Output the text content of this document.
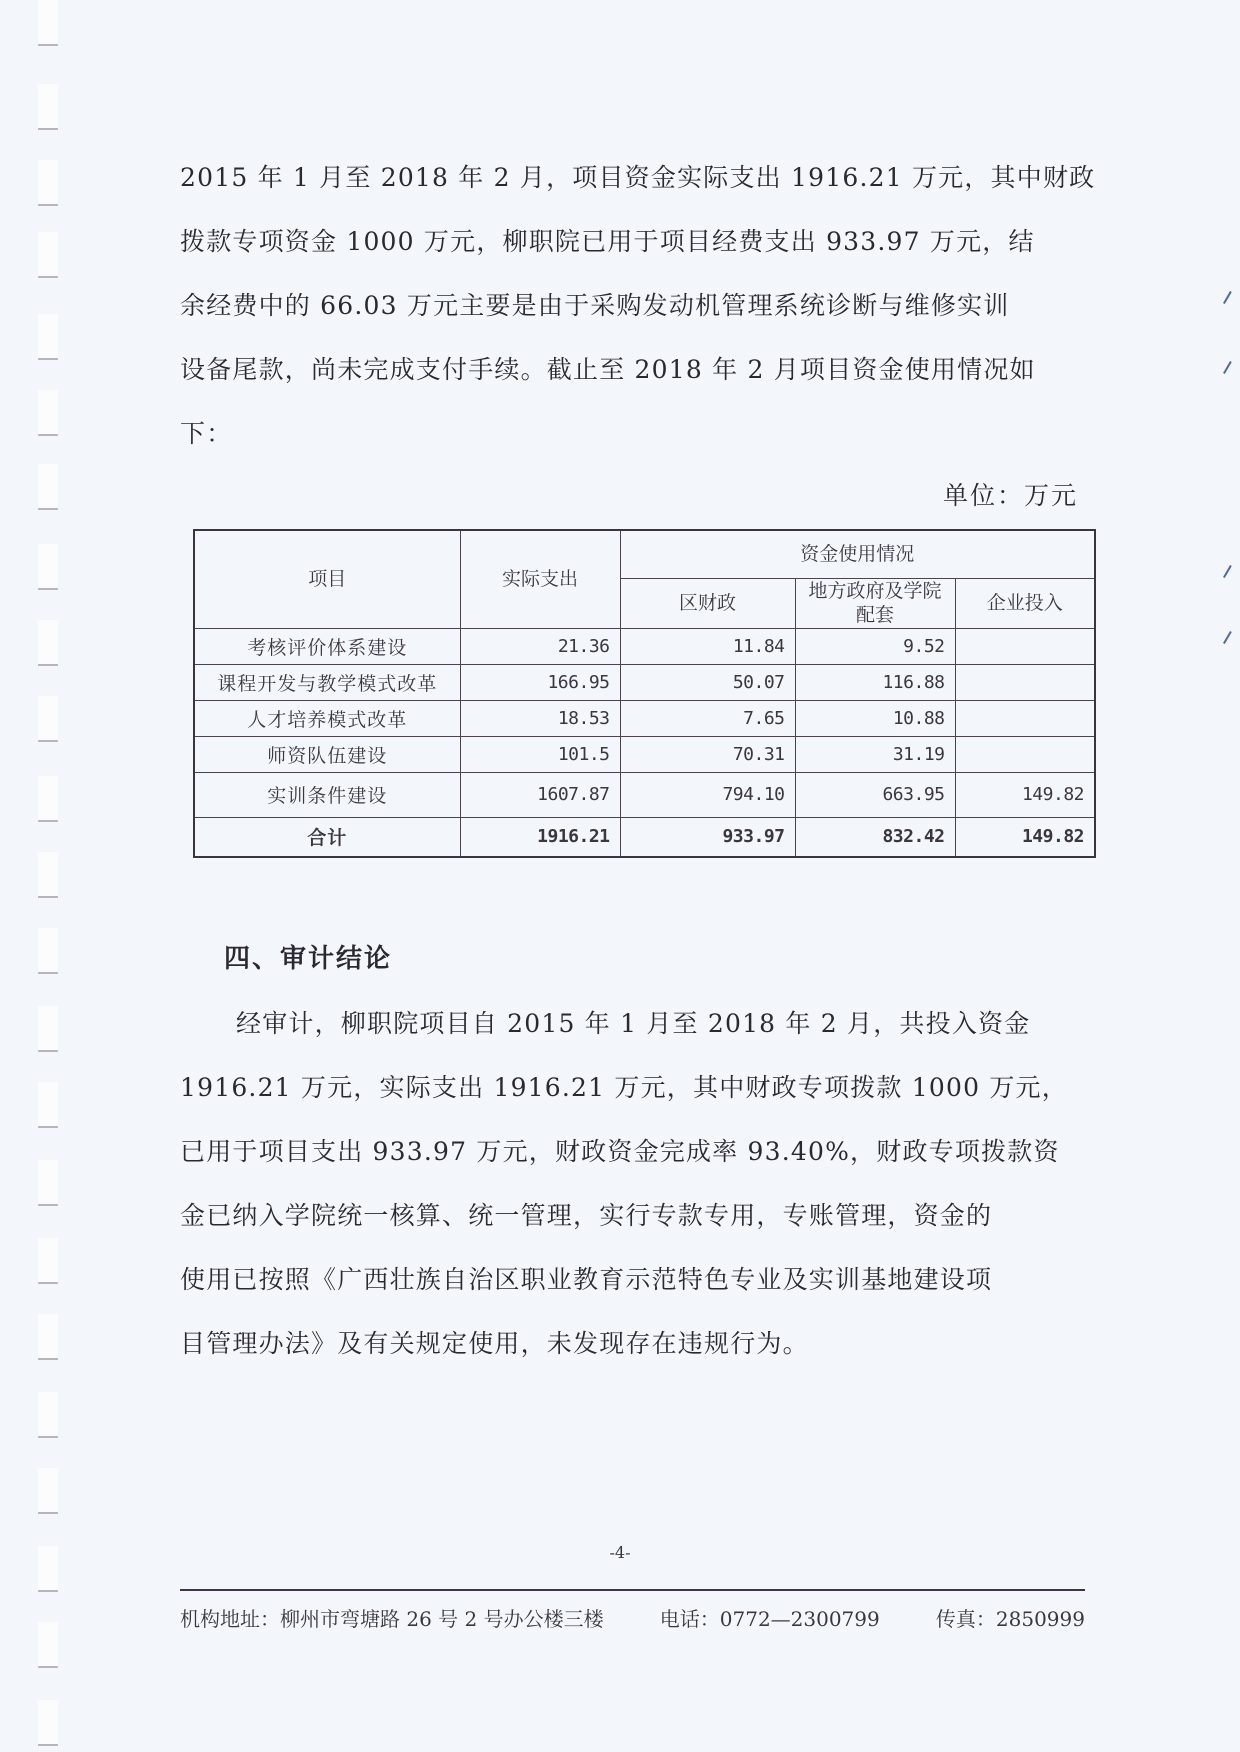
2015 年 1 月至 2018 年 2 月，项目资金实际支出 1916.21 万元，其中财政
拨款专项资金 1000 万元，柳职院已用于项目经费支出 933.97 万元，结
余经费中的 66.03 万元主要是由于采购发动机管理系统诊断与维修实训
设备尾款，尚未完成支付手续。截止至 2018 年 2 月项目资金使用情况如
下：
单位：万元
项目	实际支出	资金使用情况		
		区财政	地方政府及学院配套	企业投入
考核评价体系建设	21.36	11.84	9.52	
课程开发与教学模式改革	166.95	50.07	116.88	
人才培养模式改革	18.53	7.65	10.88	
师资队伍建设	101.5	70.31	31.19	
实训条件建设	1607.87	794.10	663.95	149.82
合计	1916.21	933.97	832.42	149.82
四、审计结论
经审计，柳职院项目自 2015 年 1 月至 2018 年 2 月，共投入资金
1916.21 万元，实际支出 1916.21 万元，其中财政专项拨款 1000 万元，
已用于项目支出 933.97 万元，财政资金完成率 93.40%，财政专项拨款资
金已纳入学院统一核算、统一管理，实行专款专用，专账管理，资金的
使用已按照《广西壮族自治区职业教育示范特色专业及实训基地建设项
目管理办法》及有关规定使用，未发现存在违规行为。
-4-
机构地址：柳州市弯塘路 26 号 2 号办公楼三楼	电话：0772—2300799	传真：2850999
